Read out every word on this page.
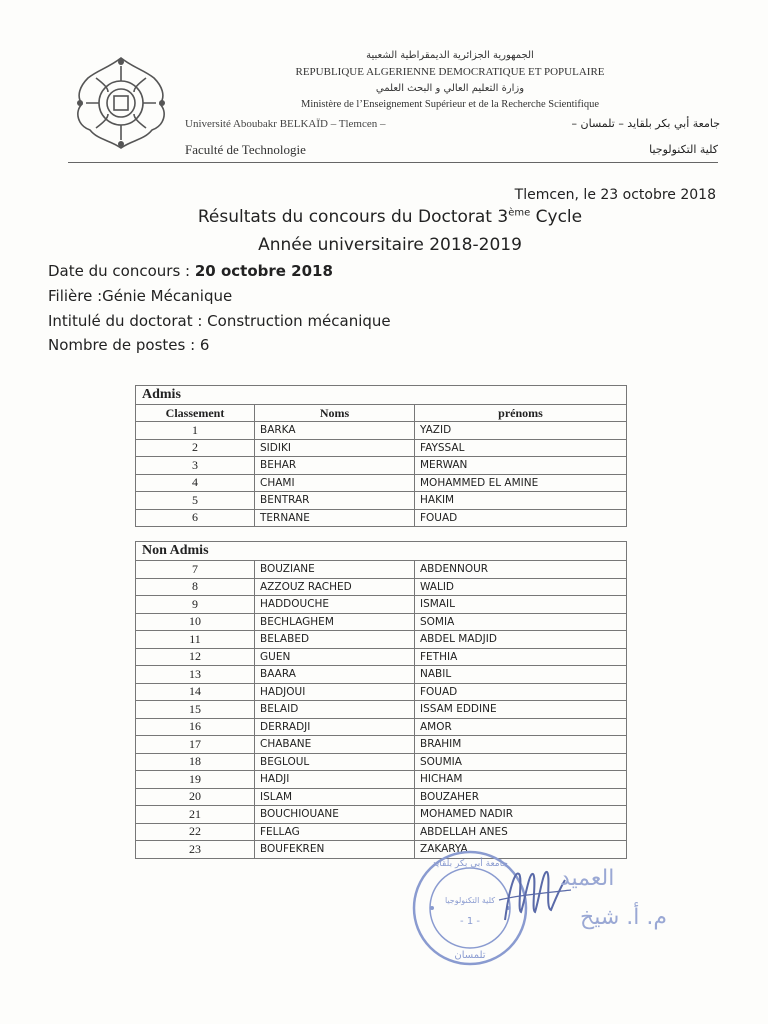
الجمهورية الجزائرية الديمقراطية الشعبية
REPUBLIQUE ALGERIENNE DEMOCRATIQUE ET POPULAIRE
وزارة التعليم العالي و البحث العلمي
Ministère de l’Enseignement Supérieur et de la Recherche Scientifique
Université Aboubakr BELKAÏD – Tlemcen –	جامعة أبي بكر بلقايد – تلمسان –
Faculté de Technologie	كلية التكنولوجيا
Tlemcen, le 23 octobre 2018
Résultats du concours du Doctorat 3ème Cycle
Année universitaire 2018-2019
Date du concours : 20 octobre 2018
Filière :Génie Mécanique
Intitulé du doctorat : Construction mécanique
Nombre de postes : 6
Admis		
Classement	Noms	prénoms
1	BARKA	YAZID
2	SIDIKI	FAYSSAL
3	BEHAR	MERWAN
4	CHAMI	MOHAMMED EL AMINE
5	BENTRAR	HAKIM
6	TERNANE	FOUAD
Non Admis		
7	BOUZIANE	ABDENNOUR
8	AZZOUZ RACHED	WALID
9	HADDOUCHE	ISMAIL
10	BECHLAGHEM	SOMIA
11	BELABED	ABDEL MADJID
12	GUEN	FETHIA
13	BAARA	NABIL
14	HADJOUI	FOUAD
15	BELAID	ISSAM EDDINE
16	DERRADJI	AMOR
17	CHABANE	BRAHIM
18	BEGLOUL	SOUMIA
19	HADJI	HICHAM
20	ISLAM	BOUZAHER
21	BOUCHIOUANE	MOHAMED NADIR
22	FELLAG	ABDELLAH ANES
23	BOUFEKREN	ZAKARYA
جامعة أبي بكر بلقايد
كلية التكنولوجيا
- 1 -
تلمسان
العميد
م. أ. شيخ
